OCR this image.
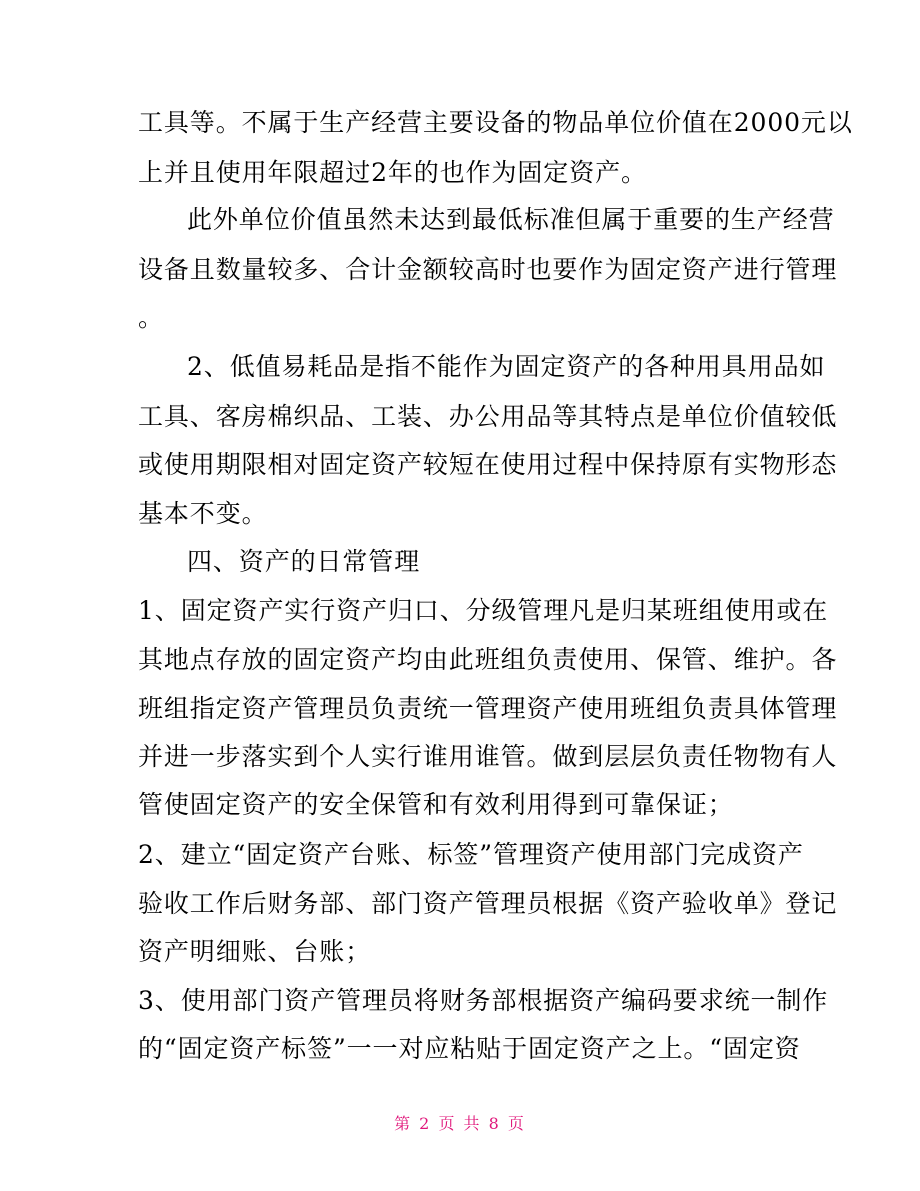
工具等。不属于生产经营主要设备的物品单位价值在2000元以
上并且使用年限超过2年的也作为固定资产。
此外单位价值虽然未达到最低标准但属于重要的生产经营
设备且数量较多、合计金额较高时也要作为固定资产进行管理
。
2、低值易耗品是指不能作为固定资产的各种用具用品如
工具、客房棉织品、工装、办公用品等其特点是单位价值较低
或使用期限相对固定资产较短在使用过程中保持原有实物形态
基本不变。
四、资产的日常管理
1、固定资产实行资产归口、分级管理凡是归某班组使用或在
其地点存放的固定资产均由此班组负责使用、保管、维护。各
班组指定资产管理员负责统一管理资产使用班组负责具体管理
并进一步落实到个人实行谁用谁管。做到层层负责任物物有人
管使固定资产的安全保管和有效利用得到可靠保证；
2、建立“固定资产台账、标签”管理资产使用部门完成资产
验收工作后财务部、部门资产管理员根据《资产验收单》登记
资产明细账、台账；
3、使用部门资产管理员将财务部根据资产编码要求统一制作
的“固定资产标签”一一对应粘贴于固定资产之上。“固定资
第 2 页 共 8 页
